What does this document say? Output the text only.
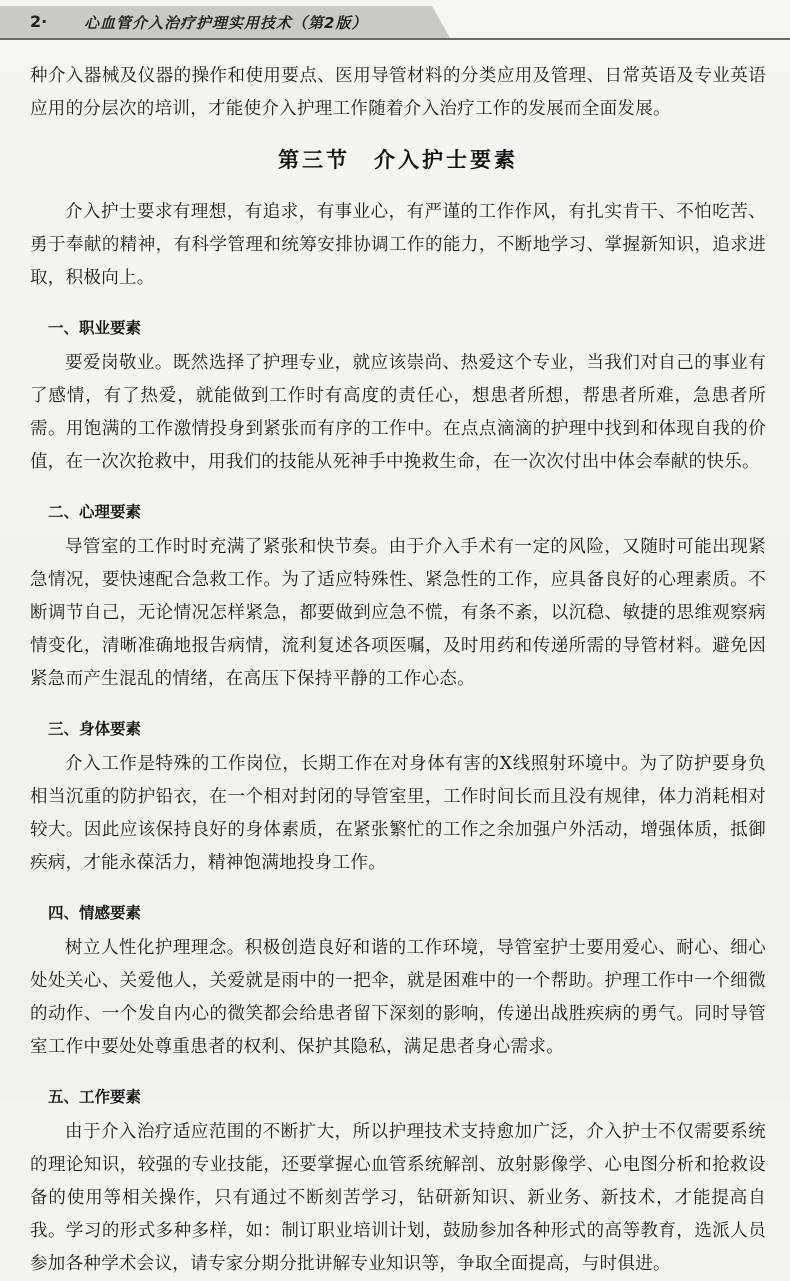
2· 心血管介入治疗护理实用技术（第2版）

种介入器械及仪器的操作和使用要点、医用导管材料的分类应用及管理、日常英语及专业英语应用的分层次的培训，才能使介入护理工作随着介入治疗工作的发展而全面发展。

第三节　介入护士要素

介入护士要求有理想，有追求，有事业心，有严谨的工作作风，有扎实肯干、不怕吃苦、勇于奉献的精神，有科学管理和统筹安排协调工作的能力，不断地学习、掌握新知识，追求进取，积极向上。

一、职业要素

要爱岗敬业。既然选择了护理专业，就应该崇尚、热爱这个专业，当我们对自己的事业有了感情，有了热爱，就能做到工作时有高度的责任心，想患者所想，帮患者所难，急患者所需。用饱满的工作激情投身到紧张而有序的工作中。在点点滴滴的护理中找到和体现自我的价值，在一次次抢救中，用我们的技能从死神手中挽救生命，在一次次付出中体会奉献的快乐。

二、心理要素

导管室的工作时时充满了紧张和快节奏。由于介入手术有一定的风险，又随时可能出现紧急情况，要快速配合急救工作。为了适应特殊性、紧急性的工作，应具备良好的心理素质。不断调节自己，无论情况怎样紧急，都要做到应急不慌，有条不紊，以沉稳、敏捷的思维观察病情变化，清晰准确地报告病情，流利复述各项医嘱，及时用药和传递所需的导管材料。避免因紧急而产生混乱的情绪，在高压下保持平静的工作心态。

三、身体要素

介入工作是特殊的工作岗位，长期工作在对身体有害的X线照射环境中。为了防护要身负相当沉重的防护铅衣，在一个相对封闭的导管室里，工作时间长而且没有规律，体力消耗相对较大。因此应该保持良好的身体素质，在紧张繁忙的工作之余加强户外活动，增强体质，抵御疾病，才能永葆活力，精神饱满地投身工作。

四、情感要素

树立人性化护理理念。积极创造良好和谐的工作环境，导管室护士要用爱心、耐心、细心处处关心、关爱他人，关爱就是雨中的一把伞，就是困难中的一个帮助。护理工作中一个细微的动作、一个发自内心的微笑都会给患者留下深刻的影响，传递出战胜疾病的勇气。同时导管室工作中要处处尊重患者的权利、保护其隐私，满足患者身心需求。

五、工作要素

由于介入治疗适应范围的不断扩大，所以护理技术支持愈加广泛，介入护士不仅需要系统的理论知识，较强的专业技能，还要掌握心血管系统解剖、放射影像学、心电图分析和抢救设备的使用等相关操作，只有通过不断刻苦学习，钻研新知识、新业务、新技术，才能提高自我。学习的形式多种多样，如：制订职业培训计划，鼓励参加各种形式的高等教育，选派人员参加各种学术会议，请专家分期分批讲解专业知识等，争取全面提高，与时俱进。
